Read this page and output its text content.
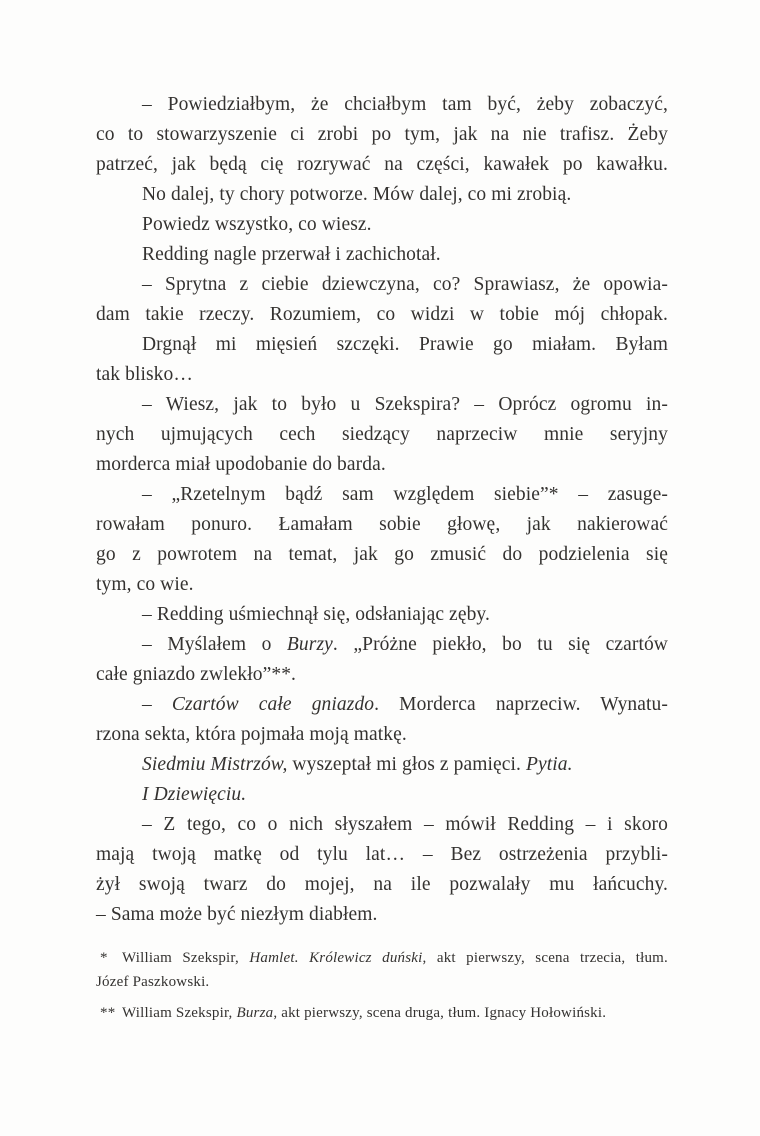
– Powiedziałbym, że chciałbym tam być, żeby zobaczyć,
co to stowarzyszenie ci zrobi po tym, jak na nie trafisz. Żeby
patrzeć, jak będą cię rozrywać na części, kawałek po kawałku.
No dalej, ty chory potworze. Mów dalej, co mi zrobią.
Powiedz wszystko, co wiesz.
Redding nagle przerwał i zachichotał.
– Sprytna z ciebie dziewczyna, co? Sprawiasz, że opowia-
dam takie rzeczy. Rozumiem, co widzi w tobie mój chłopak.
Drgnął mi mięsień szczęki. Prawie go miałam. Byłam
tak blisko…
– Wiesz, jak to było u Szekspira? – Oprócz ogromu in-
nych ujmujących cech siedzący naprzeciw mnie seryjny
morderca miał upodobanie do barda.
– „Rzetelnym bądź sam względem siebie”* – zasuge-
rowałam ponuro. Łamałam sobie głowę, jak nakierować
go z powrotem na temat, jak go zmusić do podzielenia się
tym, co wie.
– Redding uśmiechnął się, odsłaniając zęby.
– Myślałem o Burzy. „Próżne piekło, bo tu się czartów
całe gniazdo zwlekło”**.
– Czartów całe gniazdo. Morderca naprzeciw. Wynatu-
rzona sekta, która pojmała moją matkę.
Siedmiu Mistrzów, wyszeptał mi głos z pamięci. Pytia.
I Dziewięciu.
– Z tego, co o nich słyszałem – mówił Redding – i skoro
mają twoją matkę od tylu lat… – Bez ostrzeżenia przybli-
żył swoją twarz do mojej, na ile pozwalały mu łańcuchy.
– Sama może być niezłym diabłem.
* William Szekspir, Hamlet. Królewicz duński, akt pierwszy, scena trzecia, tłum.
Józef Paszkowski.
** William Szekspir, Burza, akt pierwszy, scena druga, tłum. Ignacy Hołowiński.
